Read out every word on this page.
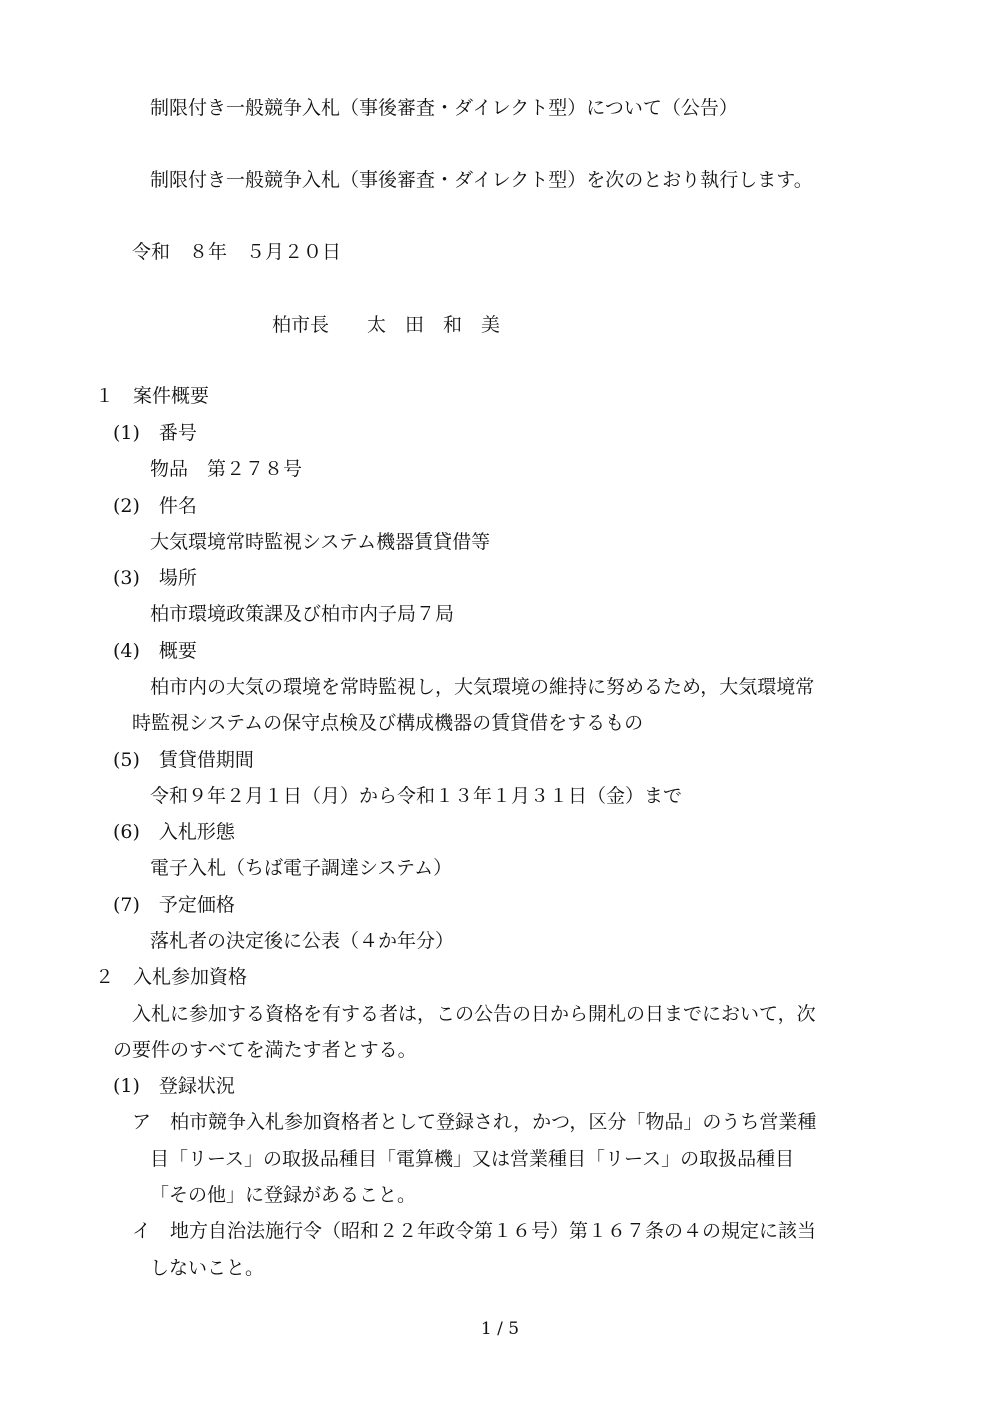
制限付き一般競争入札（事後審査・ダイレクト型）について（公告）

制限付き一般競争入札（事後審査・ダイレクト型）を次のとおり執行します。

令和　８年　５月２０日

柏市長　　太　田　和　美

１　案件概要

(1)　番号

物品　第２７８号

(2)　件名

大気環境常時監視システム機器賃貸借等

(3)　場所

柏市環境政策課及び柏市内子局７局

(4)　概要

柏市内の大気の環境を常時監視し，大気環境の維持に努めるため，大気環境常

時監視システムの保守点検及び構成機器の賃貸借をするもの

(5)　賃貸借期間

令和９年２月１日（月）から令和１３年１月３１日（金）まで

(6)　入札形態

電子入札（ちば電子調達システム）

(7)　予定価格

落札者の決定後に公表（４か年分）

２　入札参加資格

入札に参加する資格を有する者は，この公告の日から開札の日までにおいて，次

の要件のすべてを満たす者とする。

(1)　登録状況

ア　柏市競争入札参加資格者として登録され，かつ，区分「物品」のうち営業種

目「リース」の取扱品種目「電算機」又は営業種目「リース」の取扱品種目

「その他」に登録があること。

イ　地方自治法施行令（昭和２２年政令第１６号）第１６７条の４の規定に該当

しないこと。

1 / 5
